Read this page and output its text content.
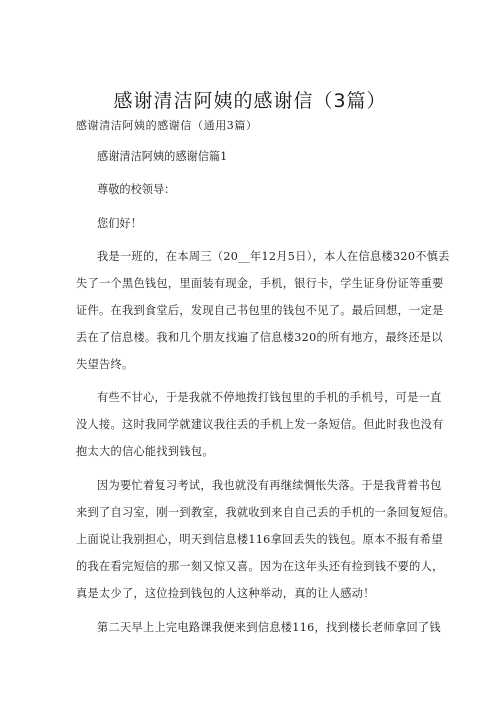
感谢清洁阿姨的感谢信（3篇）
感谢清洁阿姨的感谢信（通用3篇）
感谢清洁阿姨的感谢信篇1
尊敬的校领导：
您们好！
我是一班的，在本周三（20__年12月5日），本人在信息楼320不慎丢
失了一个黑色钱包，里面装有现金，手机，银行卡，学生证身份证等重要
证件。在我到食堂后，发现自己书包里的钱包不见了。最后回想，一定是
丢在了信息楼。我和几个朋友找遍了信息楼320的所有地方，最终还是以
失望告终。
有些不甘心，于是我就不停地拨打钱包里的手机的手机号，可是一直
没人接。这时我同学就建议我往丢的手机上发一条短信。但此时我也没有
抱太大的信心能找到钱包。
因为要忙着复习考试，我也就没有再继续惆怅失落。于是我背着书包
来到了自习室，刚一到教室，我就收到来自自己丢的手机的一条回复短信。
上面说让我别担心，明天到信息楼116拿回丢失的钱包。原本不报有希望
的我在看完短信的那一刻又惊又喜。因为在这年头还有捡到钱不要的人，
真是太少了，这位捡到钱包的人这种举动，真的让人感动！
第二天早上上完电路课我便来到信息楼116，找到楼长老师拿回了钱
